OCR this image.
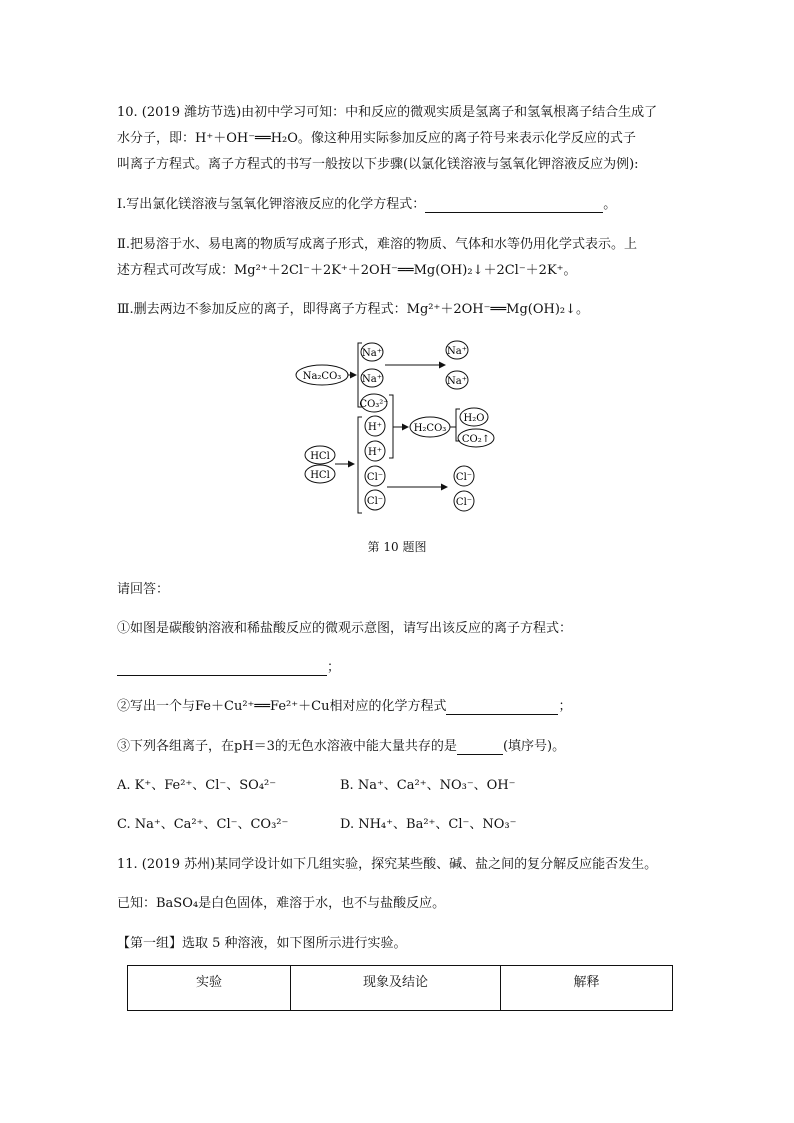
10. (2019 潍坊节选)由初中学习可知：中和反应的微观实质是氢离子和氢氧根离子结合生成了
水分子，即：H⁺＋OH⁻══H₂O。像这种用实际参加反应的离子符号来表示化学反应的式子
叫离子方程式。离子方程式的书写一般按以下步骤(以氯化镁溶液与氢氧化钾溶液反应为例):
Ⅰ.写出氯化镁溶液与氢氧化钾溶液反应的化学方程式：	。
Ⅱ.把易溶于水、易电离的物质写成离子形式，难溶的物质、气体和水等仍用化学式表示。上
述方程式可改写成：Mg²⁺＋2Cl⁻＋2K⁺＋2OH⁻══Mg(OH)₂↓＋2Cl⁻＋2K⁺。
Ⅲ.删去两边不参加反应的离子，即得离子方程式：Mg²⁺＋2OH⁻══Mg(OH)₂↓。
Na₂CO₃
Na⁺
Na⁺
CO₃²⁻
Na⁺
Na⁺
H₂CO₃
H₂O
CO₂↑
HCl
HCl
H⁺
H⁺
Cl⁻
Cl⁻
Cl⁻
Cl⁻
第 10 题图
请回答：
①如图是碳酸钠溶液和稀盐酸反应的微观示意图，请写出该反应的离子方程式：
；
②写出一个与Fe＋Cu²⁺══Fe²⁺＋Cu相对应的化学方程式	；
③下列各组离子，在pH＝3的无色水溶液中能大量共存的是	(填序号)。
A. K⁺、Fe²⁺、Cl⁻、SO₄²⁻	B. Na⁺、Ca²⁺、NO₃⁻、OH⁻
C. Na⁺、Ca²⁺、Cl⁻、CO₃²⁻	D. NH₄⁺、Ba²⁺、Cl⁻、NO₃⁻
11. (2019 苏州)某同学设计如下几组实验，探究某些酸、碱、盐之间的复分解反应能否发生。
已知：BaSO₄是白色固体，难溶于水，也不与盐酸反应。
【第一组】选取 5 种溶液，如下图所示进行实验。
实验	现象及结论	解释
